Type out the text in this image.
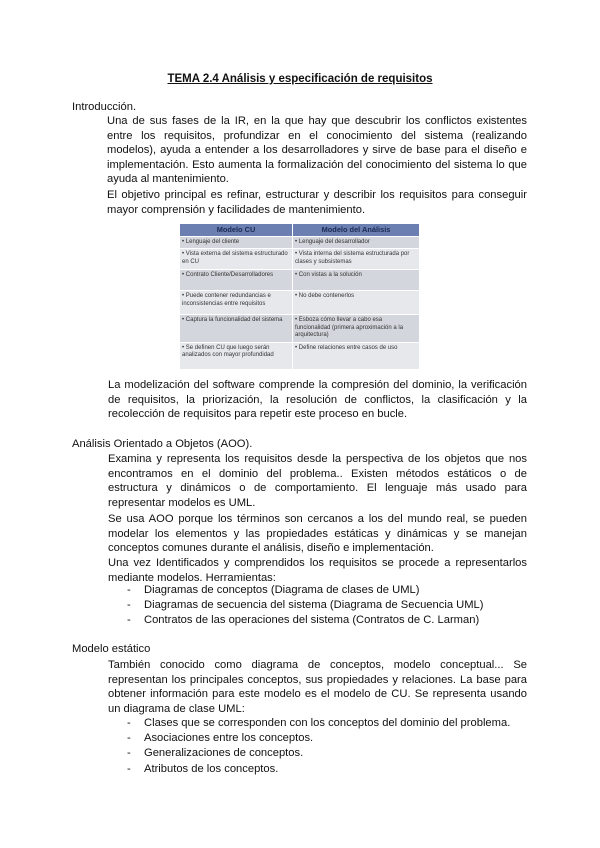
TEMA 2.4 Análisis y especificación de requisitos
Introducción.
Una de sus fases de la IR, en la que hay que descubrir los conflictos existentes entre los requisitos, profundizar en el conocimiento del sistema (realizando modelos), ayuda a entender a los desarrolladores y sirve de base para el diseño e implementación. Esto aumenta la formalización del conocimiento del sistema lo que ayuda al mantenimiento.
El objetivo principal es refinar, estructurar y describir los requisitos para conseguir mayor comprensión y facilidades de mantenimiento.
Modelo CU	Modelo del Análisis
• Lenguaje del cliente	• Lenguaje del desarrollador
• Vista externa del sistema estructurado en CU	• Vista interna del sistema estructurada por clases y subsistemas
• Contrato Cliente/Desarrolladores	• Con vistas a la solución
• Puede contener redundancias e inconsistencias entre requisitos	• No debe contenerlos
• Captura la funcionalidad del sistema	• Esboza cómo llevar a cabo esa funcionalidad (primera aproximación a la arquitectura)
• Se definen CU que luego serán analizados con mayor profundidad	• Define relaciones entre casos de uso
La modelización del software comprende la compresión del dominio, la verificación de requisitos, la priorización, la resolución de conflictos, la clasificación y la recolección de requisitos para repetir este proceso en bucle.
Análisis Orientado a Objetos (AOO).
Examina y representa los requisitos desde la perspectiva de los objetos que nos encontramos en el dominio del problema.. Existen métodos estáticos o de estructura y dinámicos o de comportamiento. El lenguaje más usado para representar modelos es UML.
Se usa AOO porque los términos son cercanos a los del mundo real, se pueden modelar los elementos y las propiedades estáticas y dinámicas y se manejan conceptos comunes durante el análisis, diseño e implementación.
Una vez Identificados y comprendidos los requisitos se procede a representarlos mediante modelos. Herramientas:
- Diagramas de conceptos (Diagrama de clases de UML)
- Diagramas de secuencia del sistema (Diagrama de Secuencia UML)
- Contratos de las operaciones del sistema (Contratos de C. Larman)
Modelo estático
También conocido como diagrama de conceptos, modelo conceptual... Se representan los principales conceptos, sus propiedades y relaciones. La base para obtener información para este modelo es el modelo de CU. Se representa usando un diagrama de clase UML:
- Clases que se corresponden con los conceptos del dominio del problema.
- Asociaciones entre los conceptos.
- Generalizaciones de conceptos.
- Atributos de los conceptos.
